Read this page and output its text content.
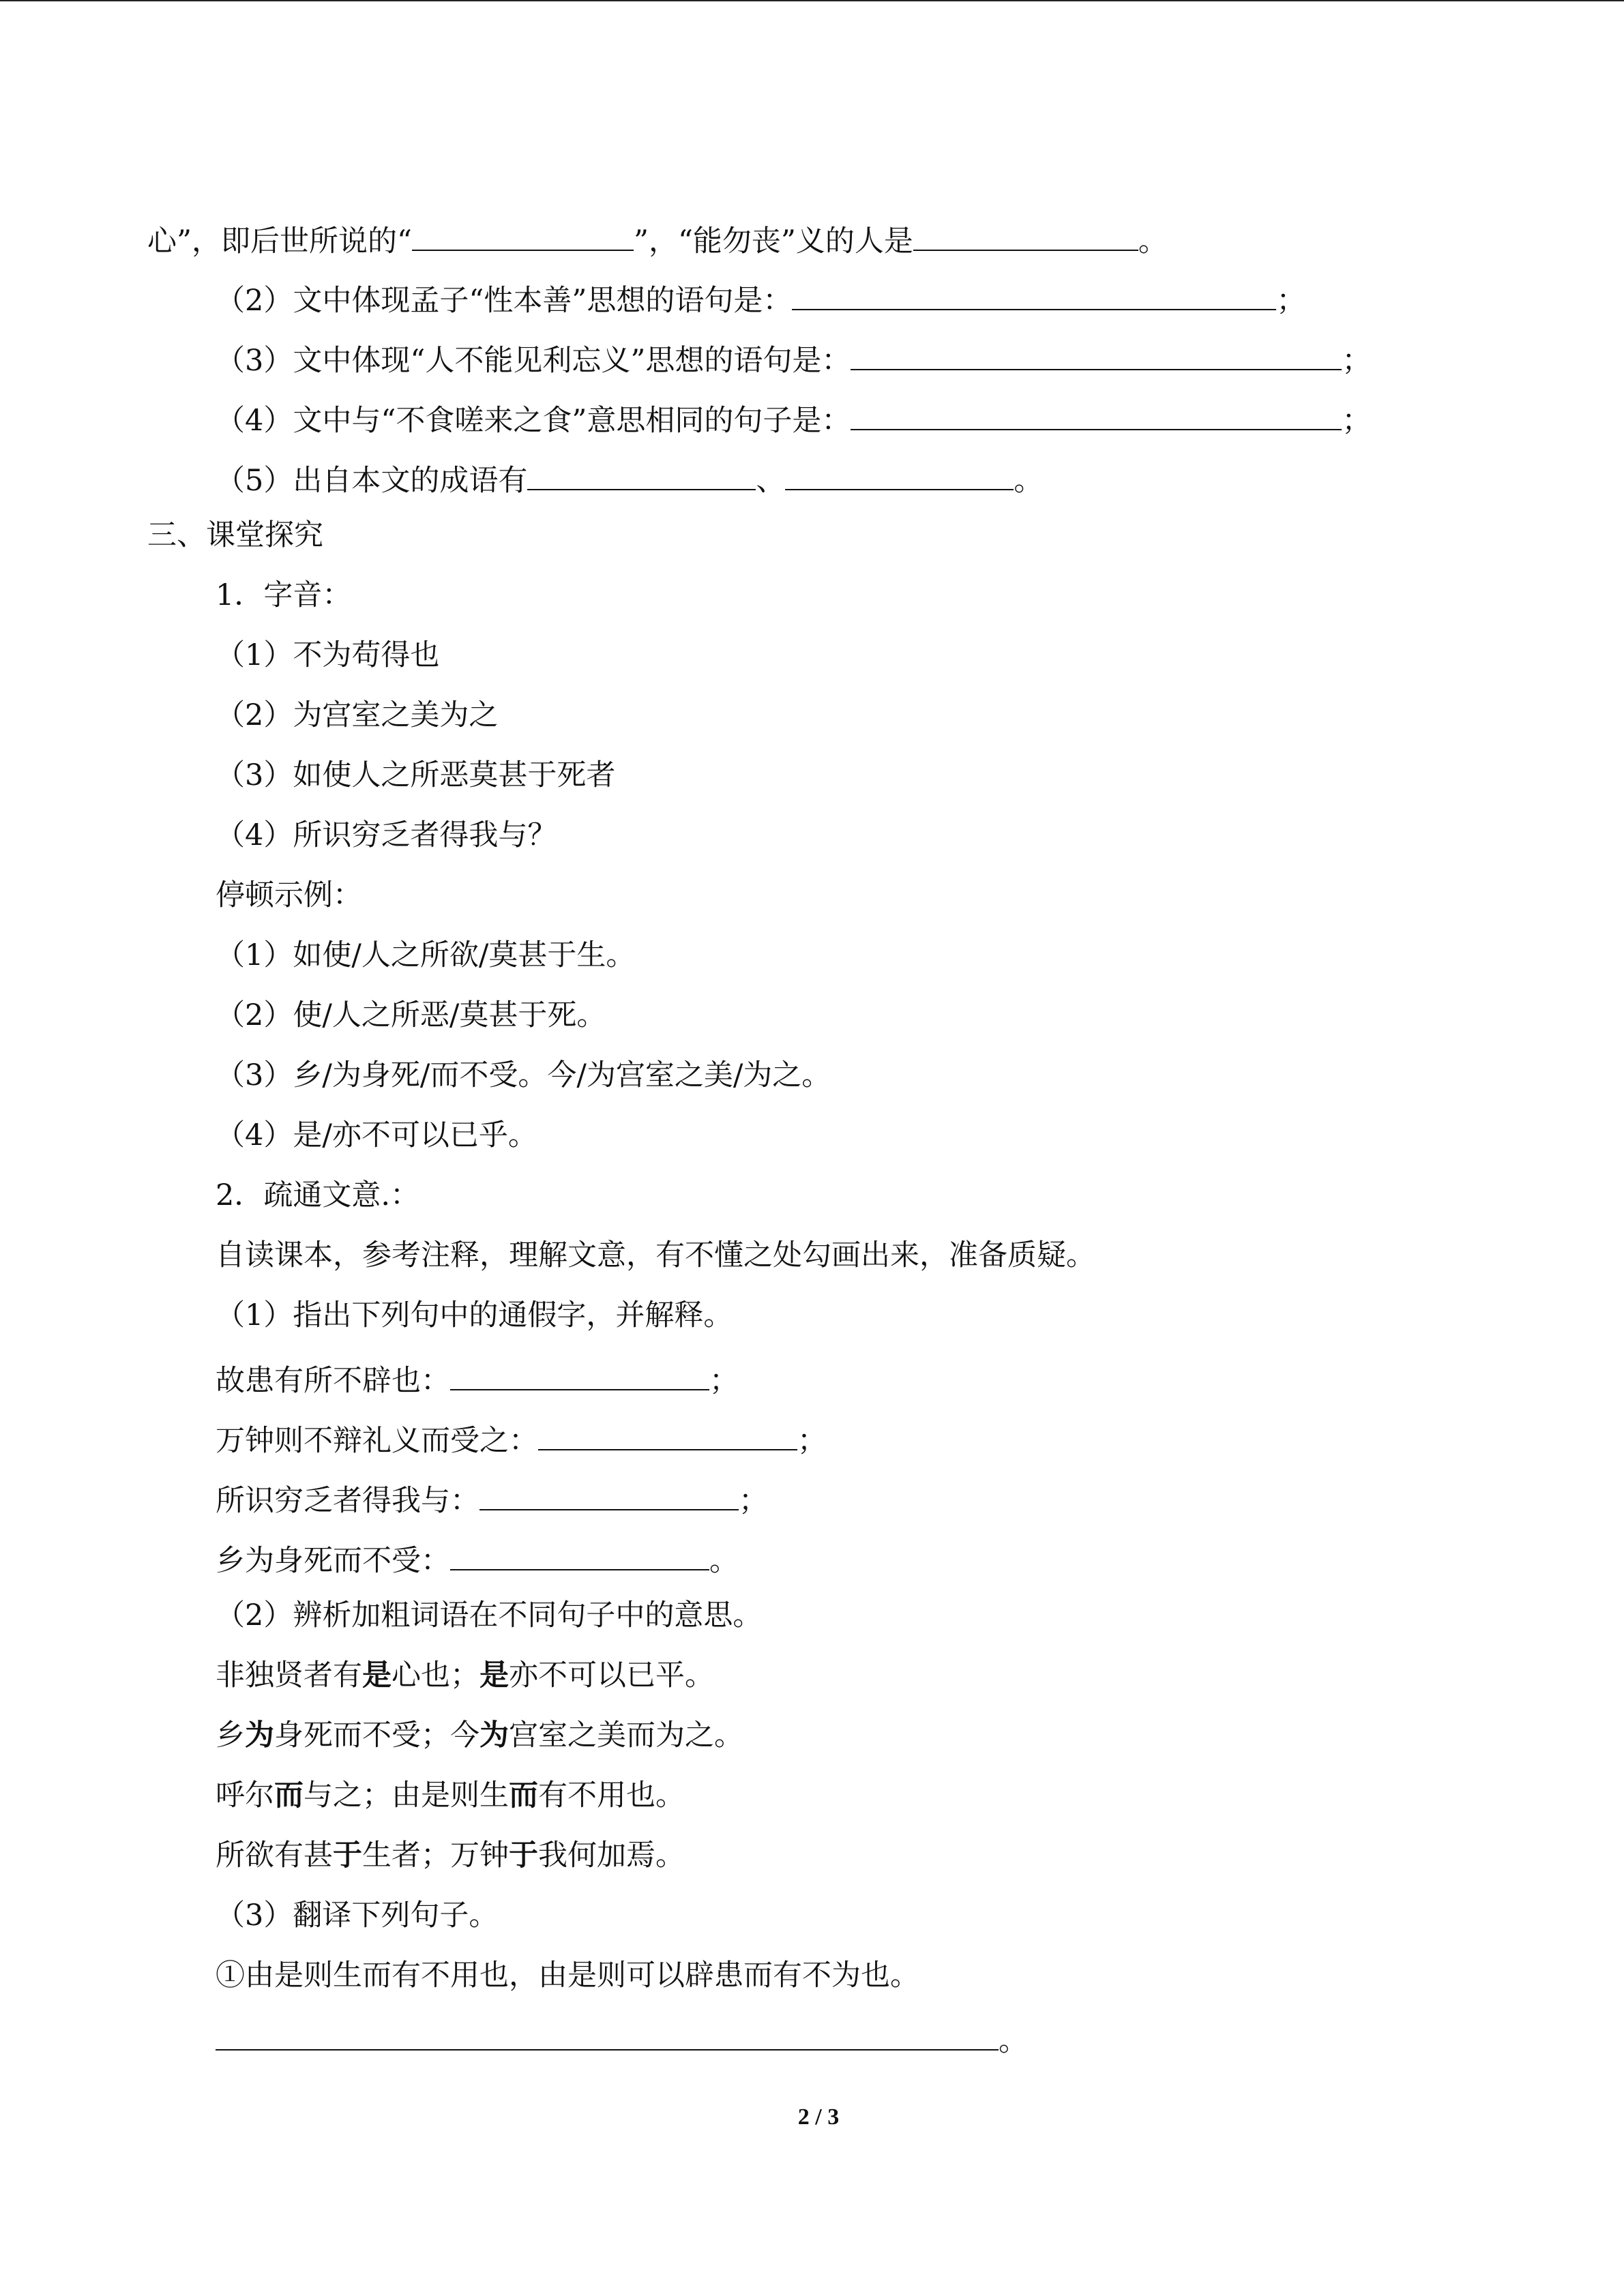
心”，即后世所说的“	”，“能勿丧”义的人是	。
（2）文中体现孟子“性本善”思想的语句是：	；
（3）文中体现“人不能见利忘义”思想的语句是：	；
（4）文中与“不食嗟来之食”意思相同的句子是：	；
（5）出自本文的成语有	、	。
三、课堂探究
1．字音：
（1）不为苟得也
（2）为宫室之美为之
（3）如使人之所恶莫甚于死者
（4）所识穷乏者得我与？
停顿示例：
（1）如使/人之所欲/莫甚于生。
（2）使/人之所恶/莫甚于死。
（3）乡/为身死/而不受。今/为宫室之美/为之。
（4）是/亦不可以已乎。
2．疏通文意.：
自读课本，参考注释，理解文意，有不懂之处勾画出来，准备质疑。
（1）指出下列句中的通假字，并解释。
故患有所不辟也：	；
万钟则不辩礼义而受之：	；
所识穷乏者得我与：	；
乡为身死而不受：	。
（2）辨析加粗词语在不同句子中的意思。
非独贤者有是心也；是亦不可以已平。
乡为身死而不受；今为宫室之美而为之。
呼尔而与之；由是则生而有不用也。
所欲有甚于生者；万钟于我何加焉。
（3）翻译下列句子。
①由是则生而有不用也，由是则可以辟患而有不为也。
。
2 / 3
